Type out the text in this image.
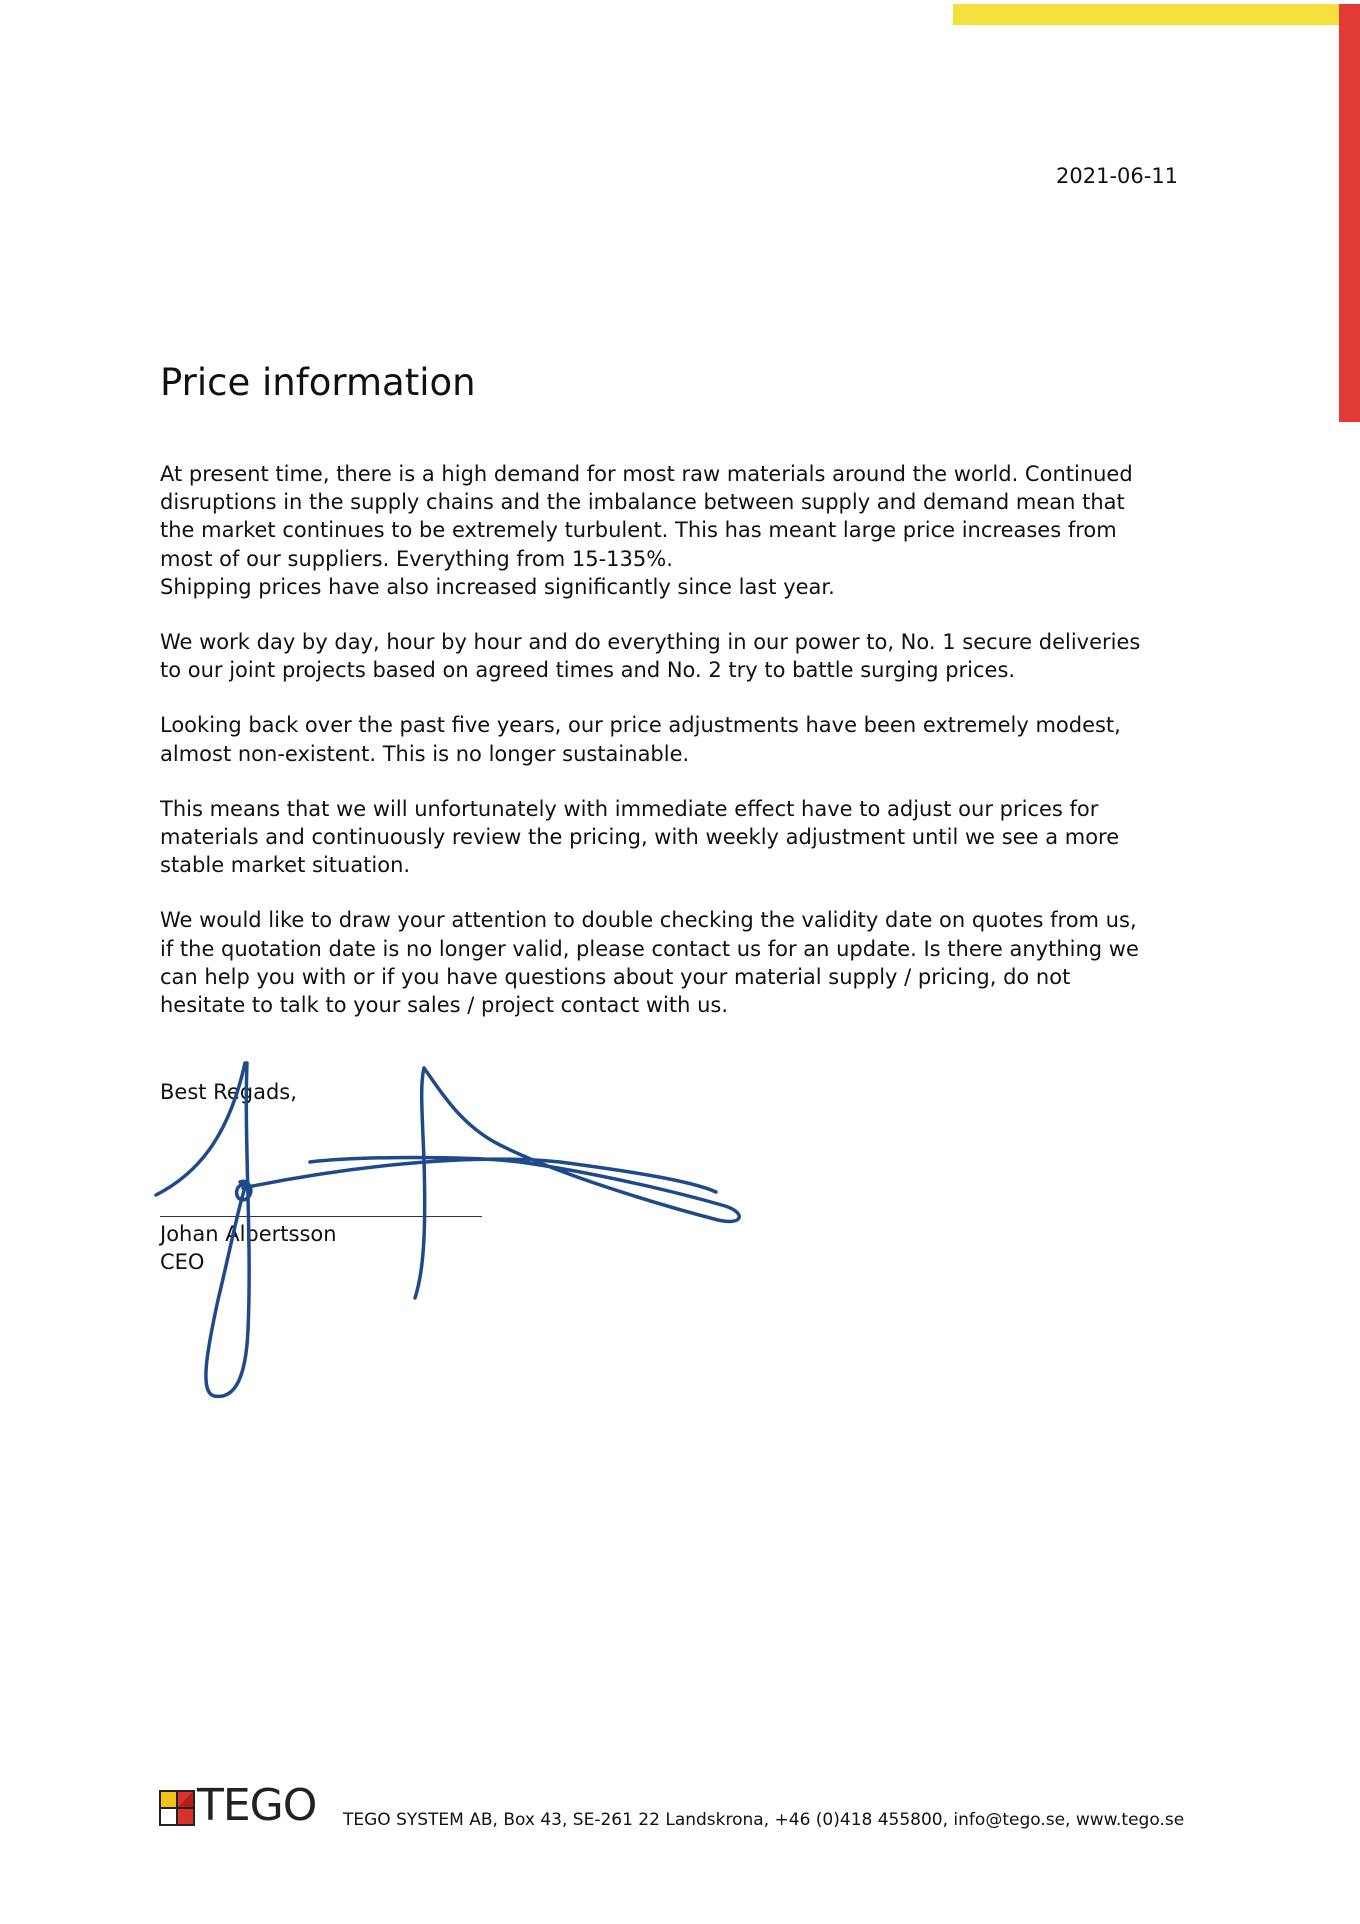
2021-06-11
Price information

At present time, there is a high demand for most raw materials around the world. Continued
disruptions in the supply chains and the imbalance between supply and demand mean that
the market continues to be extremely turbulent. This has meant large price increases from
most of our suppliers. Everything from 15-135%.
Shipping prices have also increased significantly since last year.

We work day by day, hour by hour and do everything in our power to, No. 1 secure deliveries
to our joint projects based on agreed times and No. 2 try to battle surging prices.

Looking back over the past five years, our price adjustments have been extremely modest,
almost non-existent. This is no longer sustainable.

This means that we will unfortunately with immediate effect have to adjust our prices for
materials and continuously review the pricing, with weekly adjustment until we see a more
stable market situation.

We would like to draw your attention to double checking the validity date on quotes from us,
if the quotation date is no longer valid, please contact us for an update. Is there anything we
can help you with or if you have questions about your material supply / pricing, do not
hesitate to talk to your sales / project contact with us.

Best Regads,
Johan Albertsson
CEO
TEGO TEGO SYSTEM AB, Box 43, SE-261 22 Landskrona, +46 (0)418 455800, info@tego.se, www.tego.se
